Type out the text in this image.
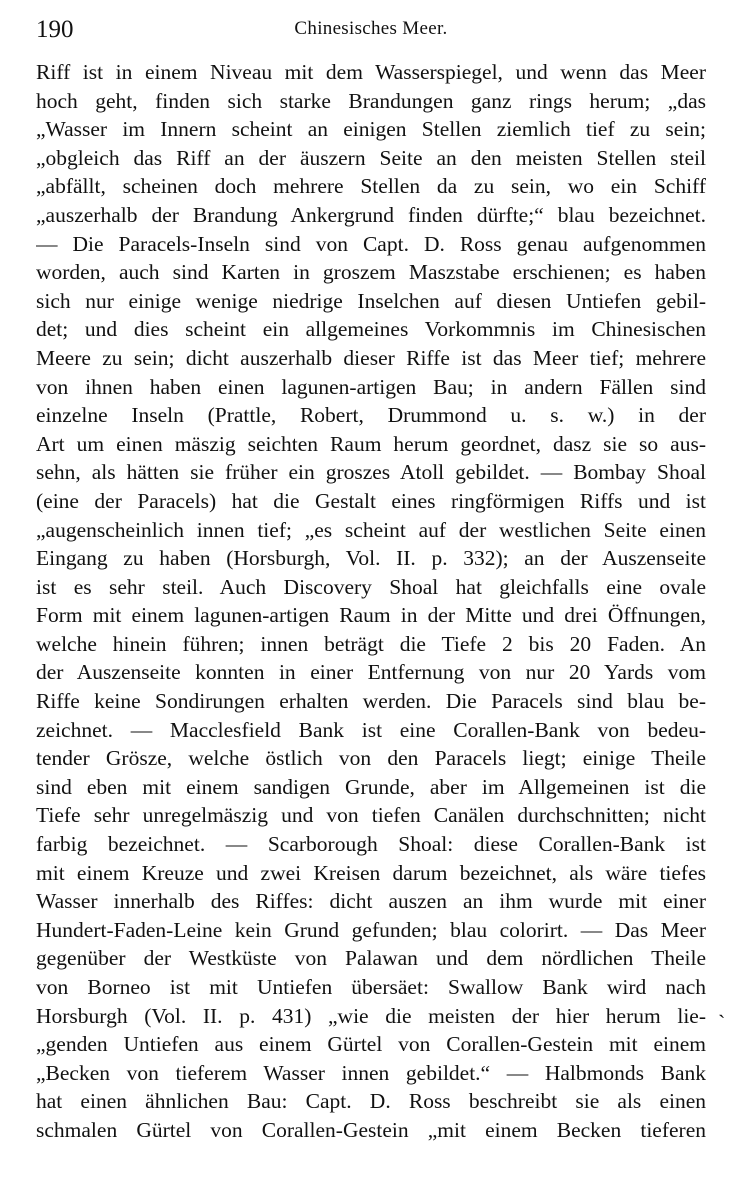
190	Chinesisches Meer.
Riff ist in einem Niveau mit dem Wasserspiegel, und wenn das Meer
hoch geht, finden sich starke Brandungen ganz rings herum; „das
„Wasser im Innern scheint an einigen Stellen ziemlich tief zu sein;
„obgleich das Riff an der äuszern Seite an den meisten Stellen steil
„abfällt, scheinen doch mehrere Stellen da zu sein, wo ein Schiff
„auszerhalb der Brandung Ankergrund finden dürfte;“ blau bezeichnet.
— Die Paracels-Inseln sind von Capt. D. Ross genau aufgenommen
worden, auch sind Karten in groszem Maszstabe erschienen; es haben
sich nur einige wenige niedrige Inselchen auf diesen Untiefen gebil-
det; und dies scheint ein allgemeines Vorkommnis im Chinesischen
Meere zu sein; dicht auszerhalb dieser Riffe ist das Meer tief; mehrere
von ihnen haben einen lagunen-artigen Bau; in andern Fällen sind
einzelne Inseln (Prattle, Robert, Drummond u. s. w.) in der
Art um einen mäszig seichten Raum herum geordnet, dasz sie so aus-
sehn, als hätten sie früher ein groszes Atoll gebildet. — Bombay Shoal
(eine der Paracels) hat die Gestalt eines ringförmigen Riffs und ist
„augenscheinlich innen tief; „es scheint auf der westlichen Seite einen
Eingang zu haben (Horsburgh, Vol. II. p. 332); an der Auszenseite
ist es sehr steil. Auch Discovery Shoal hat gleichfalls eine ovale
Form mit einem lagunen-artigen Raum in der Mitte und drei Öffnungen,
welche hinein führen; innen beträgt die Tiefe 2 bis 20 Faden. An
der Auszenseite konnten in einer Entfernung von nur 20 Yards vom
Riffe keine Sondirungen erhalten werden. Die Paracels sind blau be-
zeichnet. — Macclesfield Bank ist eine Corallen-Bank von bedeu-
tender Grösze, welche östlich von den Paracels liegt; einige Theile
sind eben mit einem sandigen Grunde, aber im Allgemeinen ist die
Tiefe sehr unregelmäszig und von tiefen Canälen durchschnitten; nicht
farbig bezeichnet. — Scarborough Shoal: diese Corallen-Bank ist
mit einem Kreuze und zwei Kreisen darum bezeichnet, als wäre tiefes
Wasser innerhalb des Riffes: dicht auszen an ihm wurde mit einer
Hundert-Faden-Leine kein Grund gefunden; blau colorirt. — Das Meer
gegenüber der Westküste von Palawan und dem nördlichen Theile
von Borneo ist mit Untiefen übersäet: Swallow Bank wird nach
Horsburgh (Vol. II. p. 431) „wie die meisten der hier herum lie-
„genden Untiefen aus einem Gürtel von Corallen-Gestein mit einem
„Becken von tieferem Wasser innen gebildet.“ — Halbmonds Bank
hat einen ähnlichen Bau: Capt. D. Ross beschreibt sie als einen
schmalen Gürtel von Corallen-Gestein „mit einem Becken tieferen
`
